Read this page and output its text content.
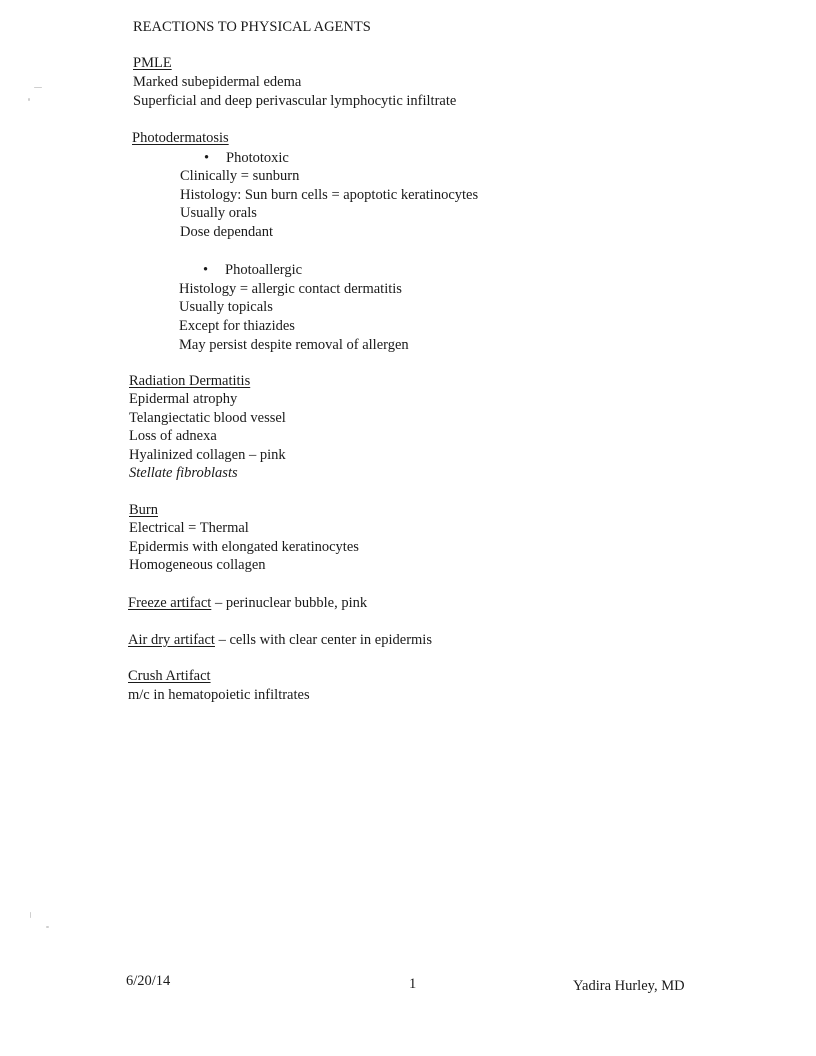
REACTIONS TO PHYSICAL AGENTS
PMLE
Marked subepidermal edema
Superficial and deep perivascular lymphocytic infiltrate
Photodermatosis
• Phototoxic
Clinically = sunburn
Histology: Sun burn cells = apoptotic keratinocytes
Usually orals
Dose dependant
• Photoallergic
Histology = allergic contact dermatitis
Usually topicals
Except for thiazides
May persist despite removal of allergen
Radiation Dermatitis
Epidermal atrophy
Telangiectatic blood vessel
Loss of adnexa
Hyalinized collagen – pink
Stellate fibroblasts
Burn
Electrical = Thermal
Epidermis with elongated keratinocytes
Homogeneous collagen
Freeze artifact – perinuclear bubble, pink
Air dry artifact – cells with clear center in epidermis
Crush Artifact
m/c in hematopoietic infiltrates
6/20/14	1	Yadira Hurley, MD
